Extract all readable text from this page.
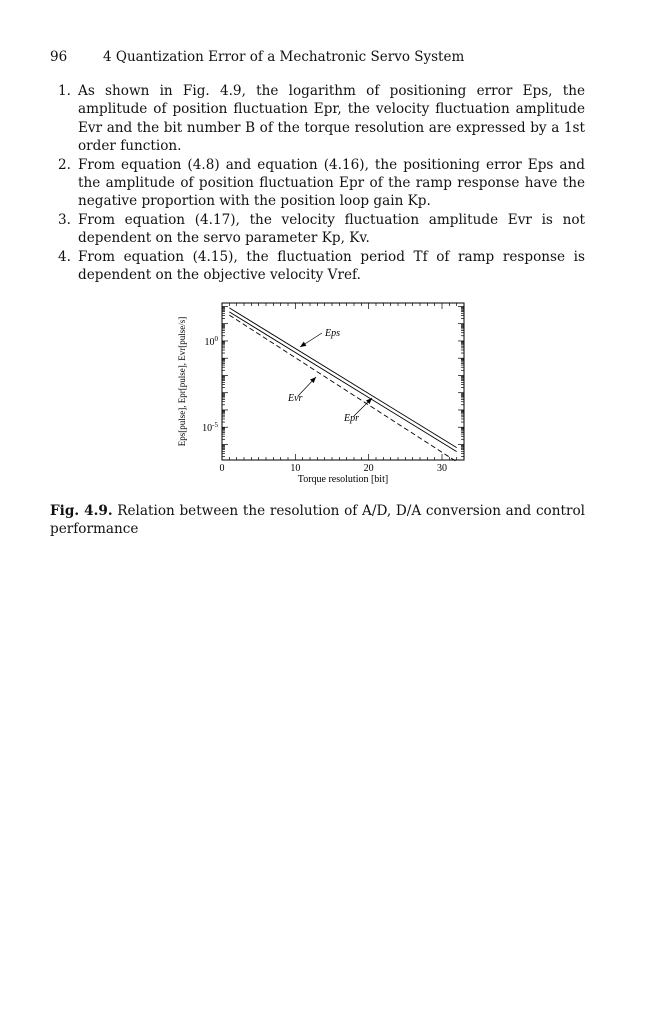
96	4 Quantization Error of a Mechatronic Servo System
1. As shown in Fig. 4.9, the logarithm of positioning error Eps, the amplitude of position fluctuation Epr, the velocity fluctuation amplitude Evr and the bit number B of the torque resolution are expressed by a 1st order function.
2. From equation (4.8) and equation (4.16), the positioning error Eps and the amplitude of position fluctuation Epr of the ramp response have the negative proportion with the position loop gain Kp.
3. From equation (4.17), the velocity fluctuation amplitude Evr is not dependent on the servo parameter Kp, Kv.
4. From equation (4.15), the fluctuation period Tf of ramp response is dependent on the objective velocity Vref.
0	10	20	30
$10^0$
$10^{-5}$
Eps
Evr
Epr
Torque resolution [bit]
Eps[pulse], Epr[pulse], Evr[pulse/s]
Fig. 4.9. Relation between the resolution of A/D, D/A conversion and control performance
